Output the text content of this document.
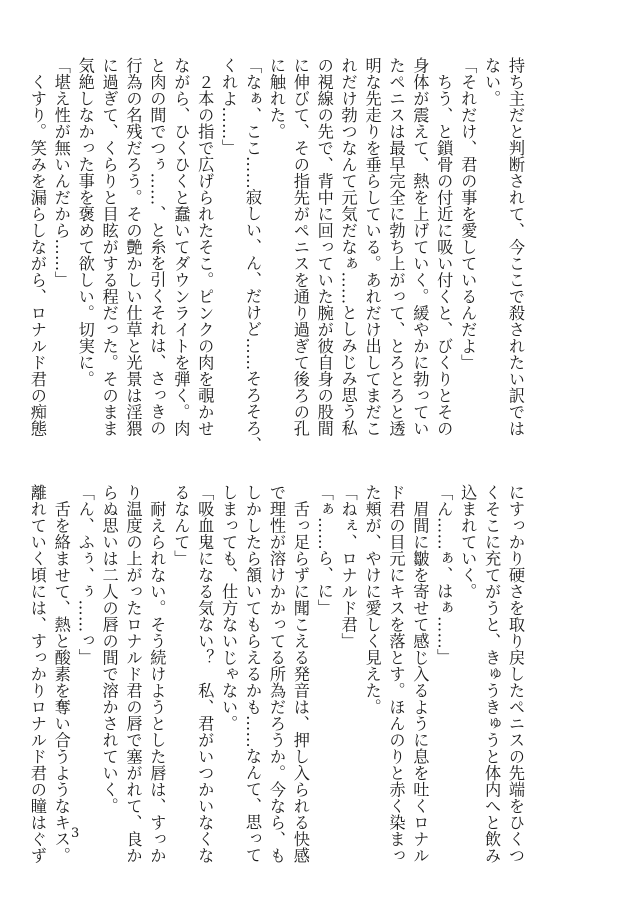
持ち主だと判断されて、今ここで殺されたい訳では
ない。
「それだけ、君の事を愛しているんだよ」
　ちう、と鎖骨の付近に吸い付くと、びくりとその
身体が震えて、熱を上げていく。緩やかに勃ってい
たペニスは最早完全に勃ち上がって、とろとろと透
明な先走りを垂らしている。あれだけ出してまだこ
れだけ勃つなんて元気だなぁ……としみじみ思う私
の視線の先で、背中に回っていた腕が彼自身の股間
に伸びて、その指先がペニスを通り過ぎて後ろの孔
に触れた。
「なぁ、ここ……寂しい、ん、だけど……そろそろ、
くれよ……」
　２本の指で広げられたそこ。ピンクの肉を覗かせ
ながら、ひくひくと蠢いてダウンライトを弾く。肉
と肉の間でつぅ……、と糸を引くそれは、さっきの
行為の名残だろう。その艶かしい仕草と光景は淫猥
に過ぎて、くらりと目眩がする程だった。そのまま
気絶しなかった事を褒めて欲しい。切実に。
「堪え性が無いんだから……」
　くすり。笑みを漏らしながら、ロナルド君の痴態
にすっかり硬さを取り戻したペニスの先端をひくつ
くそこに充てがうと、きゅうきゅうと体内へと飲み
込まれていく。
「ん……ぁ、はぁ……」
　眉間に皺を寄せて感じ入るように息を吐くロナル
ド君の目元にキスを落とす。ほんのりと赤く染まっ
た頬が、やけに愛しく見えた。
「ねぇ、ロナルド君」
「ぁ……ら、に」
　舌っ足らずに聞こえる発音は、押し入られる快感
で理性が溶けかかってる所為だろうか。今なら、も
しかしたら頷いてもらえるかも……なんて、思って
しまっても、仕方ないじゃない。
「吸血鬼になる気ない？　私、君がいつかいなくな
るなんて」
　耐えられない。そう続けようとした唇は、すっか
り温度の上がったロナルド君の唇で塞がれて、良か
らぬ思いは二人の唇の間で溶かされていく。
「ん、ふぅ、ぅ……っ」
　舌を絡ませて、熱と酸素を奪い合うようなキス。
離れていく頃には、すっかりロナルド君の瞳はぐず 3
